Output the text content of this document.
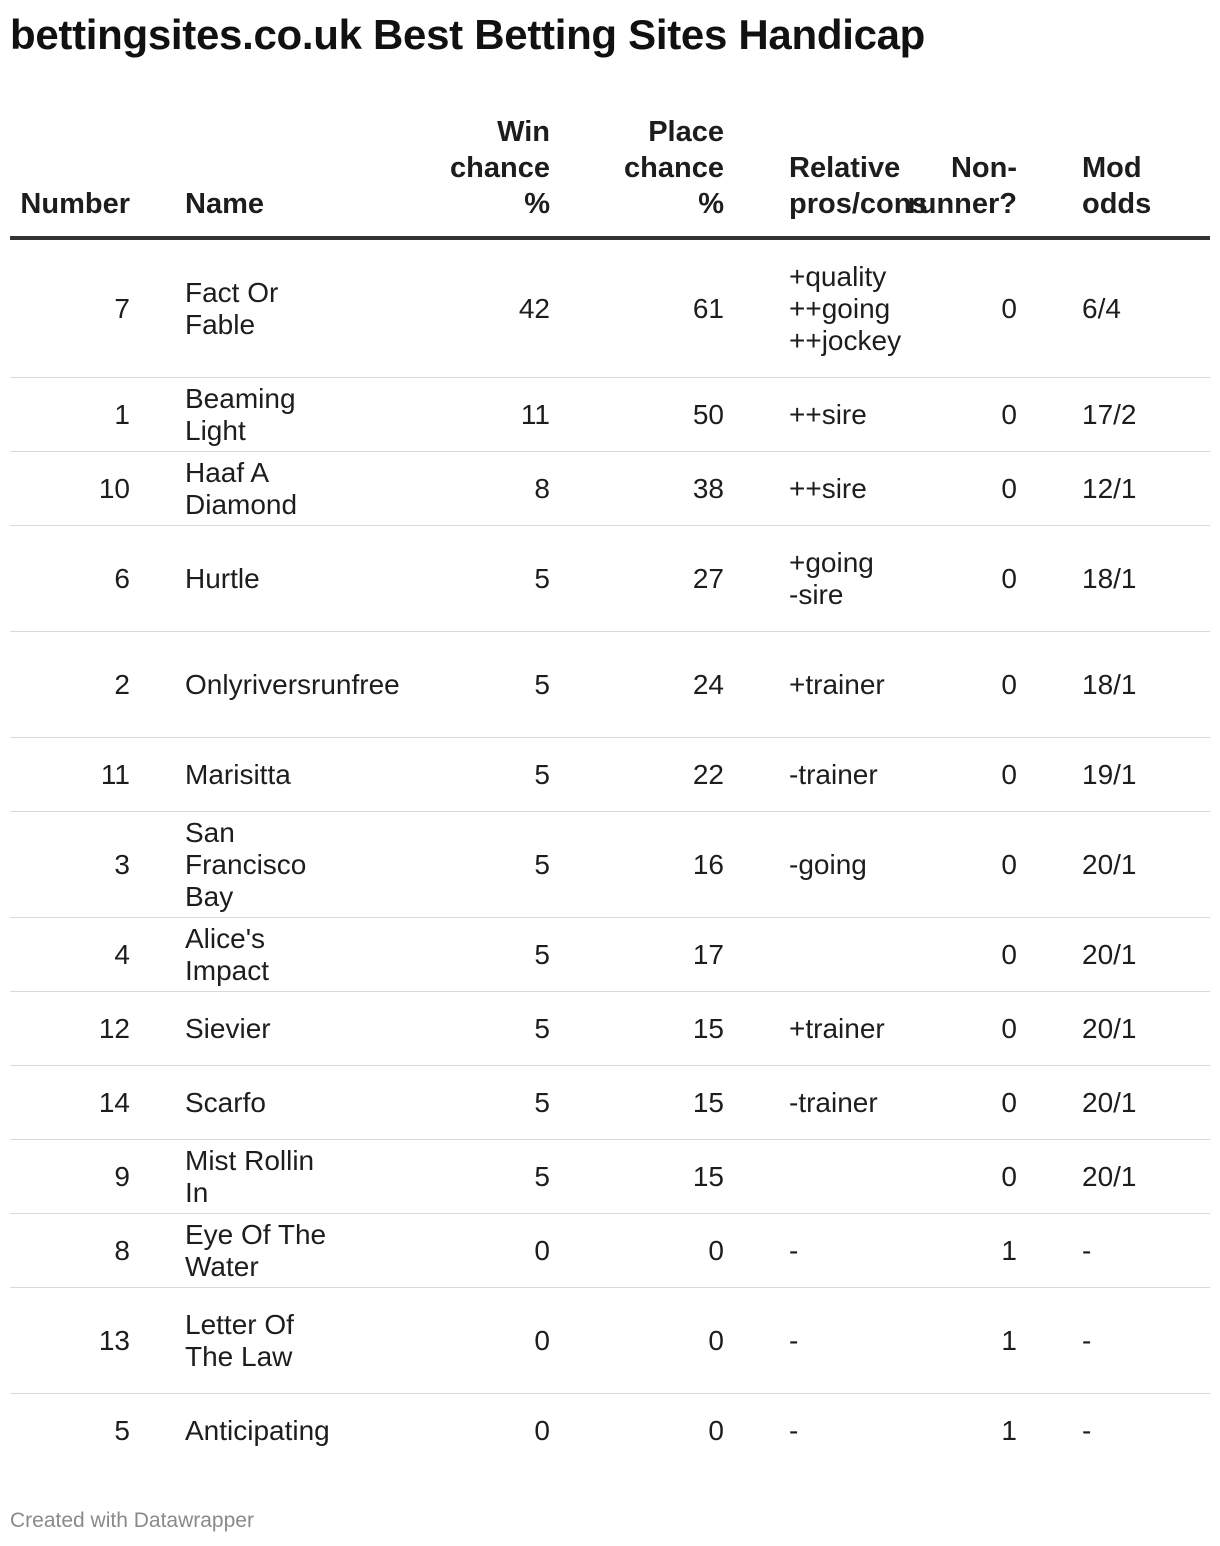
bettingsites.co.uk Best Betting Sites Handicap
Number	Name	Win
chance
%	Place
chance
%	Relative
pros/cons	Non-
runner?	Mod
odds
7	Fact Or Fable	42	61	+quality
++going
++jockey	0	6/4
1	Beaming Light	11	50	++sire	0	17/2
10	Haaf A Diamond	8	38	++sire	0	12/1
6	Hurtle	5	27	+going
-sire	0	18/1
2	Onlyriversrunfree	5	24	+trainer	0	18/1
11	Marisitta	5	22	-trainer	0	19/1
3	San Francisco Bay	5	16	-going	0	20/1
4	Alice's Impact	5	17		0	20/1
12	Sievier	5	15	+trainer	0	20/1
14	Scarfo	5	15	-trainer	0	20/1
9	Mist Rollin In	5	15		0	20/1
8	Eye Of The Water	0	0	-	1	-
13	Letter Of The Law	0	0	-	1	-
5	Anticipating	0	0	-	1	-
Created with Datawrapper
